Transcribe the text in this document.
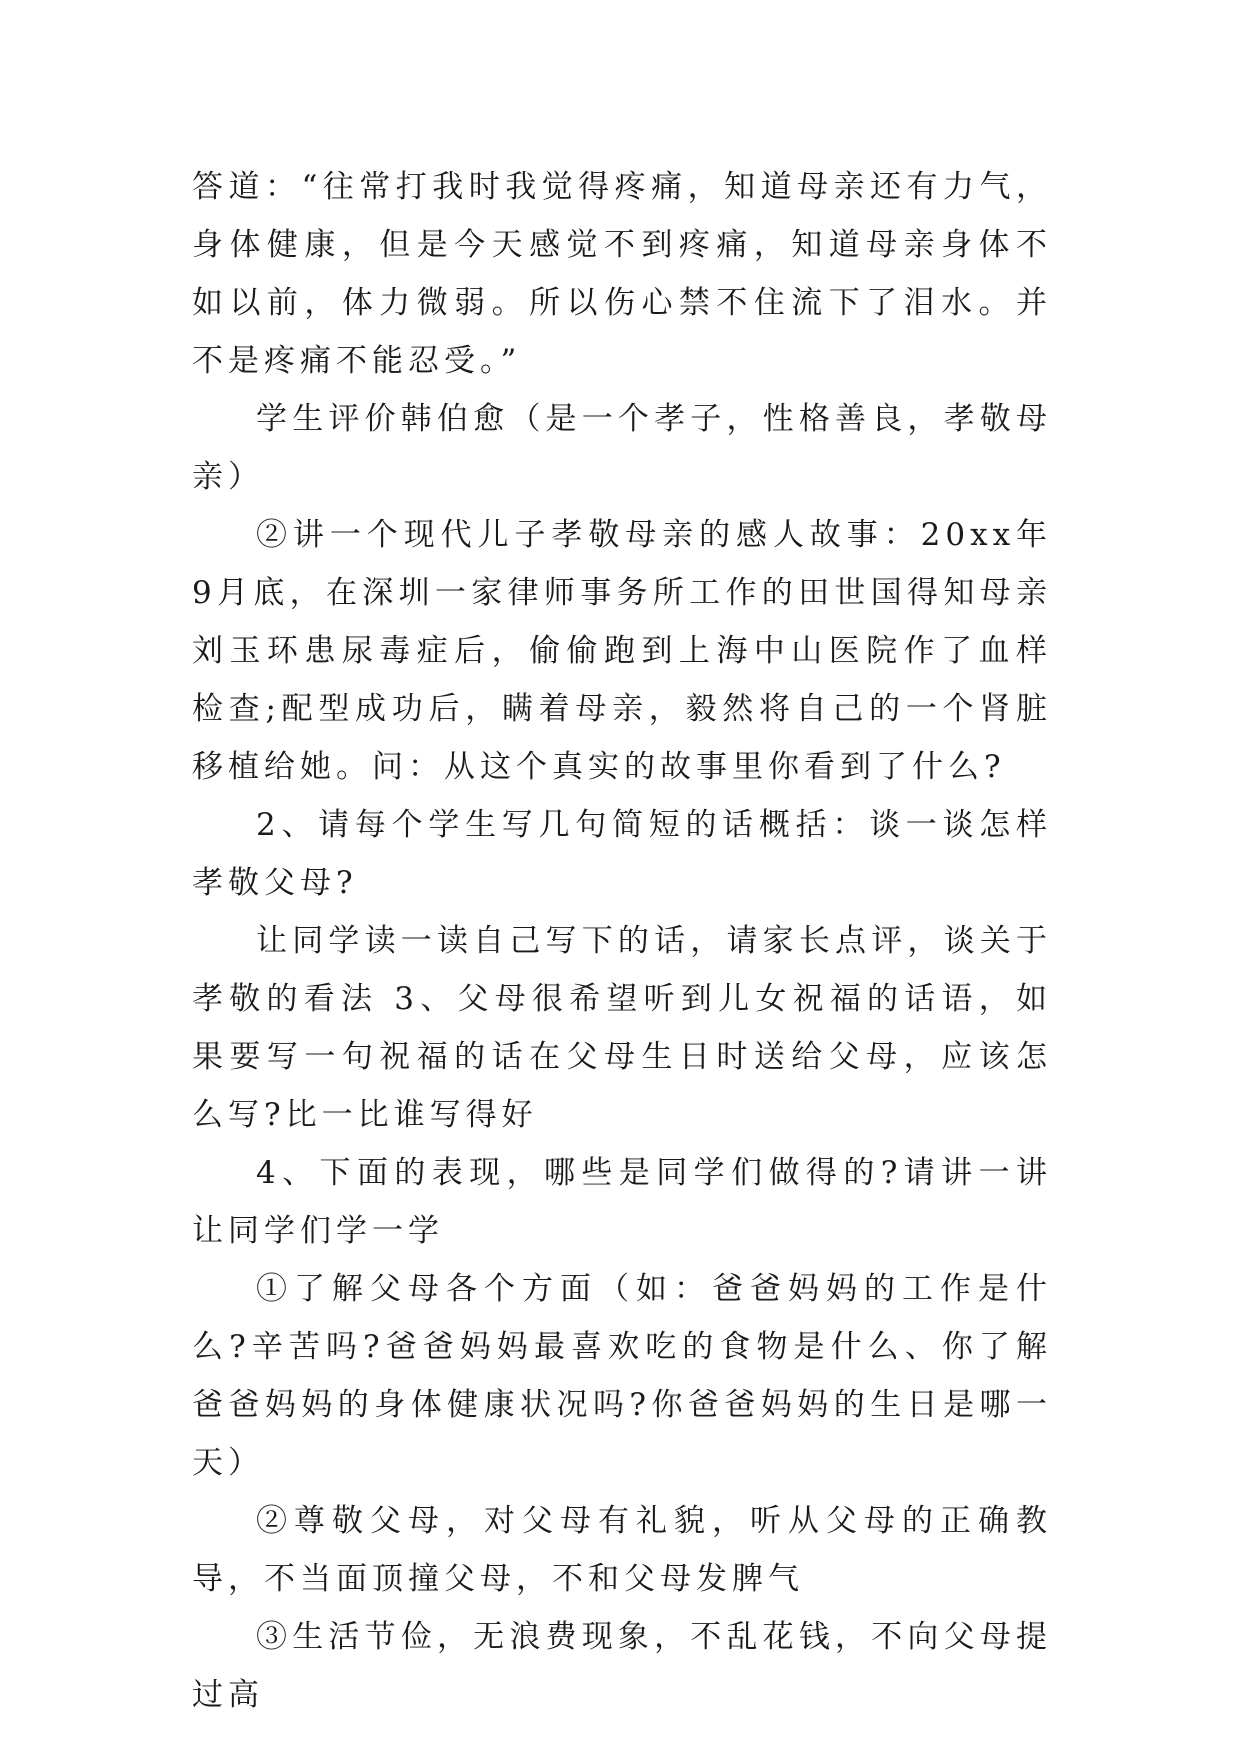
答道：“往常打我时我觉得疼痛，知道母亲还有力气，身体健康，但是今天感觉不到疼痛，知道母亲身体不如以前，体力微弱。所以伤心禁不住流下了泪水。并不是疼痛不能忍受。”

学生评价韩伯愈（是一个孝子，性格善良，孝敬母亲）

②讲一个现代儿子孝敬母亲的感人故事：20xx年9月底，在深圳一家律师事务所工作的田世国得知母亲刘玉环患尿毒症后，偷偷跑到上海中山医院作了血样检查;配型成功后，瞒着母亲，毅然将自己的一个肾脏移植给她。问：从这个真实的故事里你看到了什么?

2、请每个学生写几句简短的话概括：谈一谈怎样孝敬父母?

让同学读一读自己写下的话，请家长点评，谈关于孝敬的看法 3、父母很希望听到儿女祝福的话语，如果要写一句祝福的话在父母生日时送给父母，应该怎么写?比一比谁写得好

4、下面的表现，哪些是同学们做得的?请讲一讲让同学们学一学

①了解父母各个方面（如：爸爸妈妈的工作是什么?辛苦吗?爸爸妈妈最喜欢吃的食物是什么、你了解爸爸妈妈的身体健康状况吗?你爸爸妈妈的生日是哪一天）

②尊敬父母，对父母有礼貌，听从父母的正确教导，不当面顶撞父母，不和父母发脾气

③生活节俭，无浪费现象，不乱花钱，不向父母提过高
